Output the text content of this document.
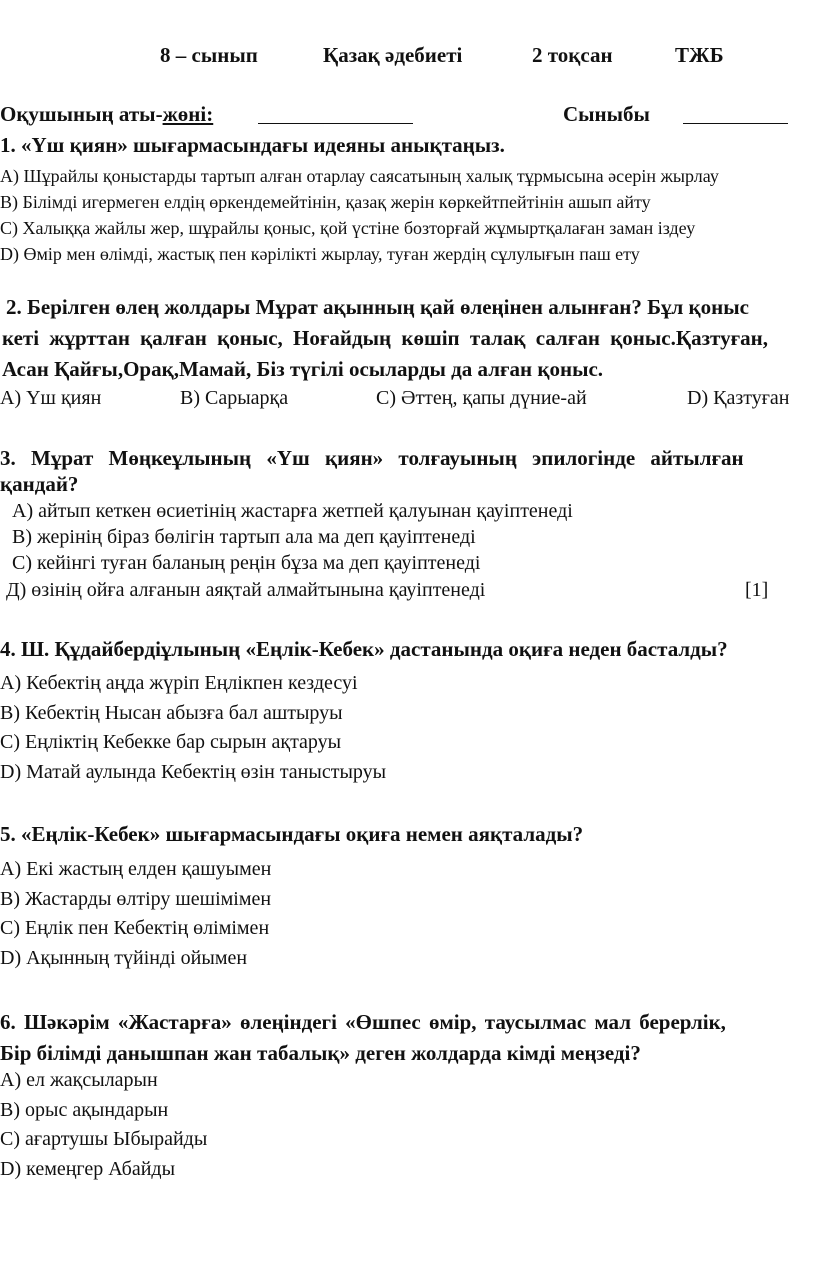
8 – сынып	Қазақ әдебиеті	2 тоқсан	ТЖБ
Оқушының аты-жөні:	Сыныбы
1. «Үш қиян» шығармасындағы идеяны анықтаңыз.
A) Шұрайлы қоныстарды тартып алған отарлау саясатының халық тұрмысына әсерін жырлау
B) Білімді игермеген елдің өркендемейтінін, қазақ жерін көркейтпейтінін ашып айту
C) Халыққа жайлы жер, шұрайлы қоныс, қой үстіне бозторғай жұмыртқалаған заман іздеу
D) Өмір мен өлімді, жастық пен кәрілікті жырлау, туған жердің сұлулығын паш ету
2. Берілген өлең жолдары Мұрат ақынның қай өлеңінен алынған? Бұл қоныс
кеті жұрттан қалған қоныс, Ноғайдың көшіп талақ салған қоныс.Қазтуған,
Асан Қайғы,Орақ,Мамай, Біз түгілі осыларды да алған қоныс.
A) Үш қиян	B) Сарыарқа	C) Әттең, қапы дүние-ай	D) Қазтуған
3. Мұрат Мөңкеұлының «Үш қиян» толғауының эпилогінде айтылған
қандай?
A) айтып кеткен өсиетінің жастарға жетпей қалуынан қауіптенеді
B) жерінің біраз бөлігін тартып ала ма деп қауіптенеді
C) кейінгі туған баланың реңін бұза ма деп қауіптенеді
Д) өзінің ойға алғанын аяқтай алмайтынына қауіптенеді	[1]
4. Ш. Құдайбердіұлының «Еңлік-Кебек» дастанында оқиға неден басталды?
A) Кебектің аңда жүріп Еңлікпен кездесуі
B) Кебектің Нысан абызға бал аштыруы
C) Еңліктің Кебекке бар сырын ақтаруы
D) Матай аулында Кебектің өзін таныстыруы
5. «Еңлік-Кебек» шығармасындағы оқиға немен аяқталады?
A) Екі жастың елден қашуымен
B) Жастарды өлтіру шешімімен
C) Еңлік пен Кебектің өлімімен
D) Ақынның түйінді ойымен
6. Шәкәрім «Жастарға» өлеңіндегі «Өшпес өмір, таусылмас мал берерлік,
Бір білімді данышпан жан табалық» деген жолдарда кімді меңзеді?
A) ел жақсыларын
B) орыс ақындарын
C) ағартушы Ыбырайды
D) кемеңгер Абайды
